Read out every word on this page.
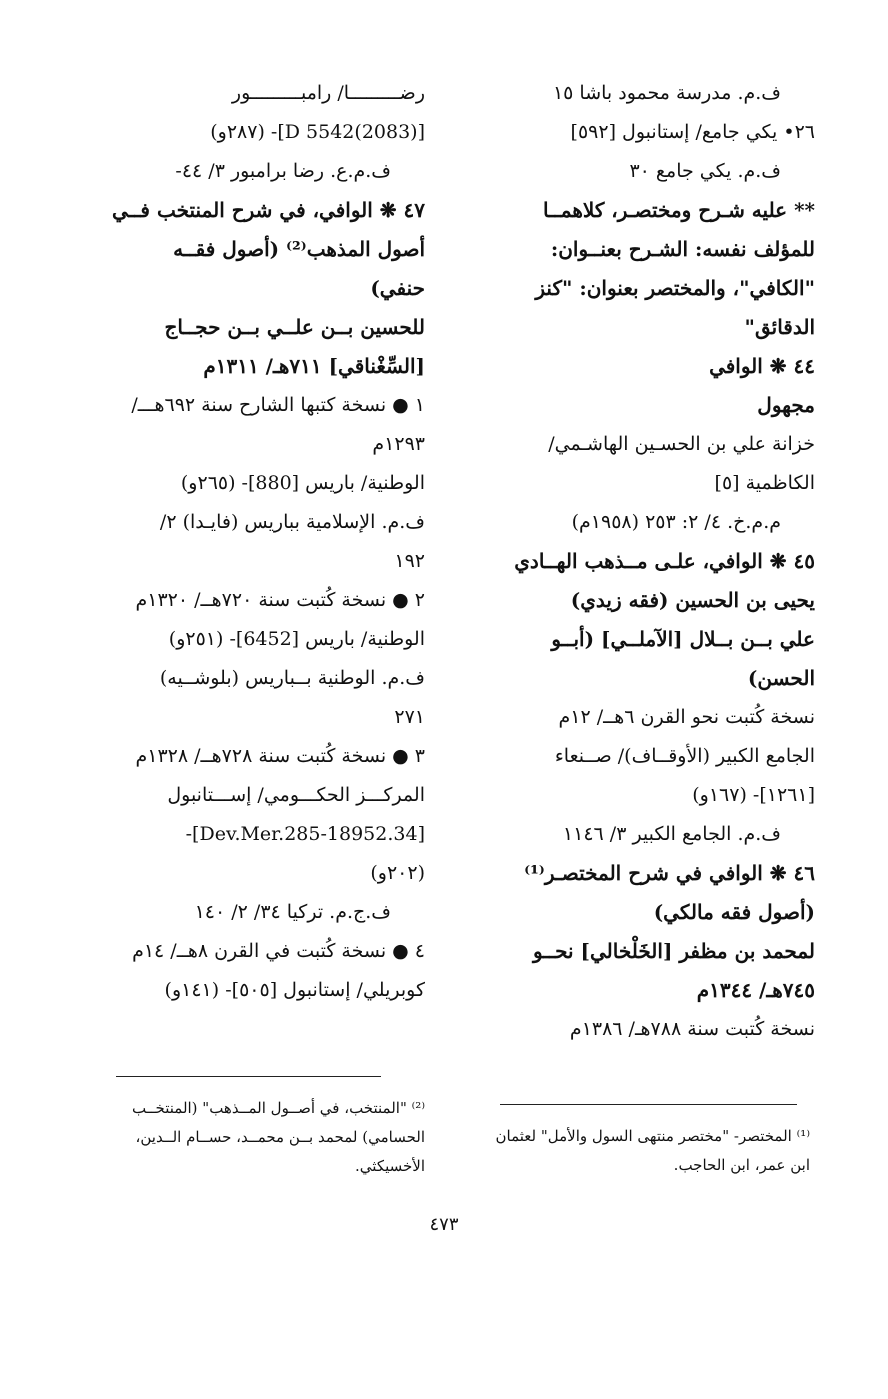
ف.م. مدرسة محمود باشا ١٥
٢٦• يكي جامع/ إستانبول [٥٩٢]
ف.م. يكي جامع ٣٠
** عليه شـرح ومختصـر، كلاهمــا
للمؤلف نفسه: الشـرح بعنــوان:
"الكافي"، والمختصر بعنوان: "كنز
الدقائق"
٤٤ ❋ الوافي
مجهول
خزانة علي بن الحسـين الهاشـمي/
الكاظمية [٥]
م.م.خ. ٤/ ٢: ٢٥٣ (١٩٥٨م)
٤٥ ❋ الوافي، علـى مــذهب الهــادي
يحيى بن الحسين (فقه زيدي)
علي بــن بــلال [الآملــي] (أبــو
الحسن)
نسخة كُتبت نحو القرن ٦هــ/ ١٢م
الجامع الكبير (الأوقــاف)/ صــنعاء
[١٢٦١]- (١٦٧و)
ف.م. الجامع الكبير ٣/ ١١٤٦
٤٦ ❋ الوافي في شرح المختصـر⁽¹⁾
(أصول فقه مالكي)
لمحمد بن مظفر [الخَلْخالي] نحــو
٧٤٥هـ/ ١٣٤٤م
نسخة كُتبت سنة ٧٨٨هـ/ ١٣٨٦م
رضـــــــــا/ رامبـــــــــور
[(2083)5542 D]- (٢٨٧و)
ف.م.ع. رضا برامبور ٣/ ٤٤-
٤٧ ❋ الوافي، في شرح المنتخب فــي
أصول المذهب⁽²⁾ (أصول فقــه
حنفي)
للحسين بــن علــي بــن حجــاج
[السِّغْناقي] ٧١١هـ/ ١٣١١م
١ ● نسخة كتبها الشارح سنة ٦٩٢هـــ/
١٢٩٣م
الوطنية/ باريس [880]- (٢٦٥و)
ف.م. الإسلامية بباريس (فايـدا) ٢/
١٩٢
٢ ● نسخة كُتبت سنة ٧٢٠هــ/ ١٣٢٠م
الوطنية/ باريس [6452]- (٢٥١و)
ف.م. الوطنية بــباريس (بلوشــيه)
٢٧١
٣ ● نسخة كُتبت سنة ٧٢٨هــ/ ١٣٢٨م
المركـــز الحكـــومي/ إســـتانبول
[34.Dev.Mer.285-18952]-
(٢٠٢و)
ف.ج.م. تركيا ٣٤/ ٢/ ١٤٠
٤ ● نسخة كُتبت في القرن ٨هــ/ ١٤م
كوبريلي/ إستانبول [٥٠٥]- (١٤١و)
⁽¹⁾ المختصر- "مختصر منتهى السول والأمل" لعثمان
ابن عمر، ابن الحاجب.
⁽²⁾ "المنتخب، في أصــول المــذهب" (المنتخــب
الحسامي) لمحمد بــن محمــد، حســام الــدين،
الأخسيكثي.
٤٧٣
